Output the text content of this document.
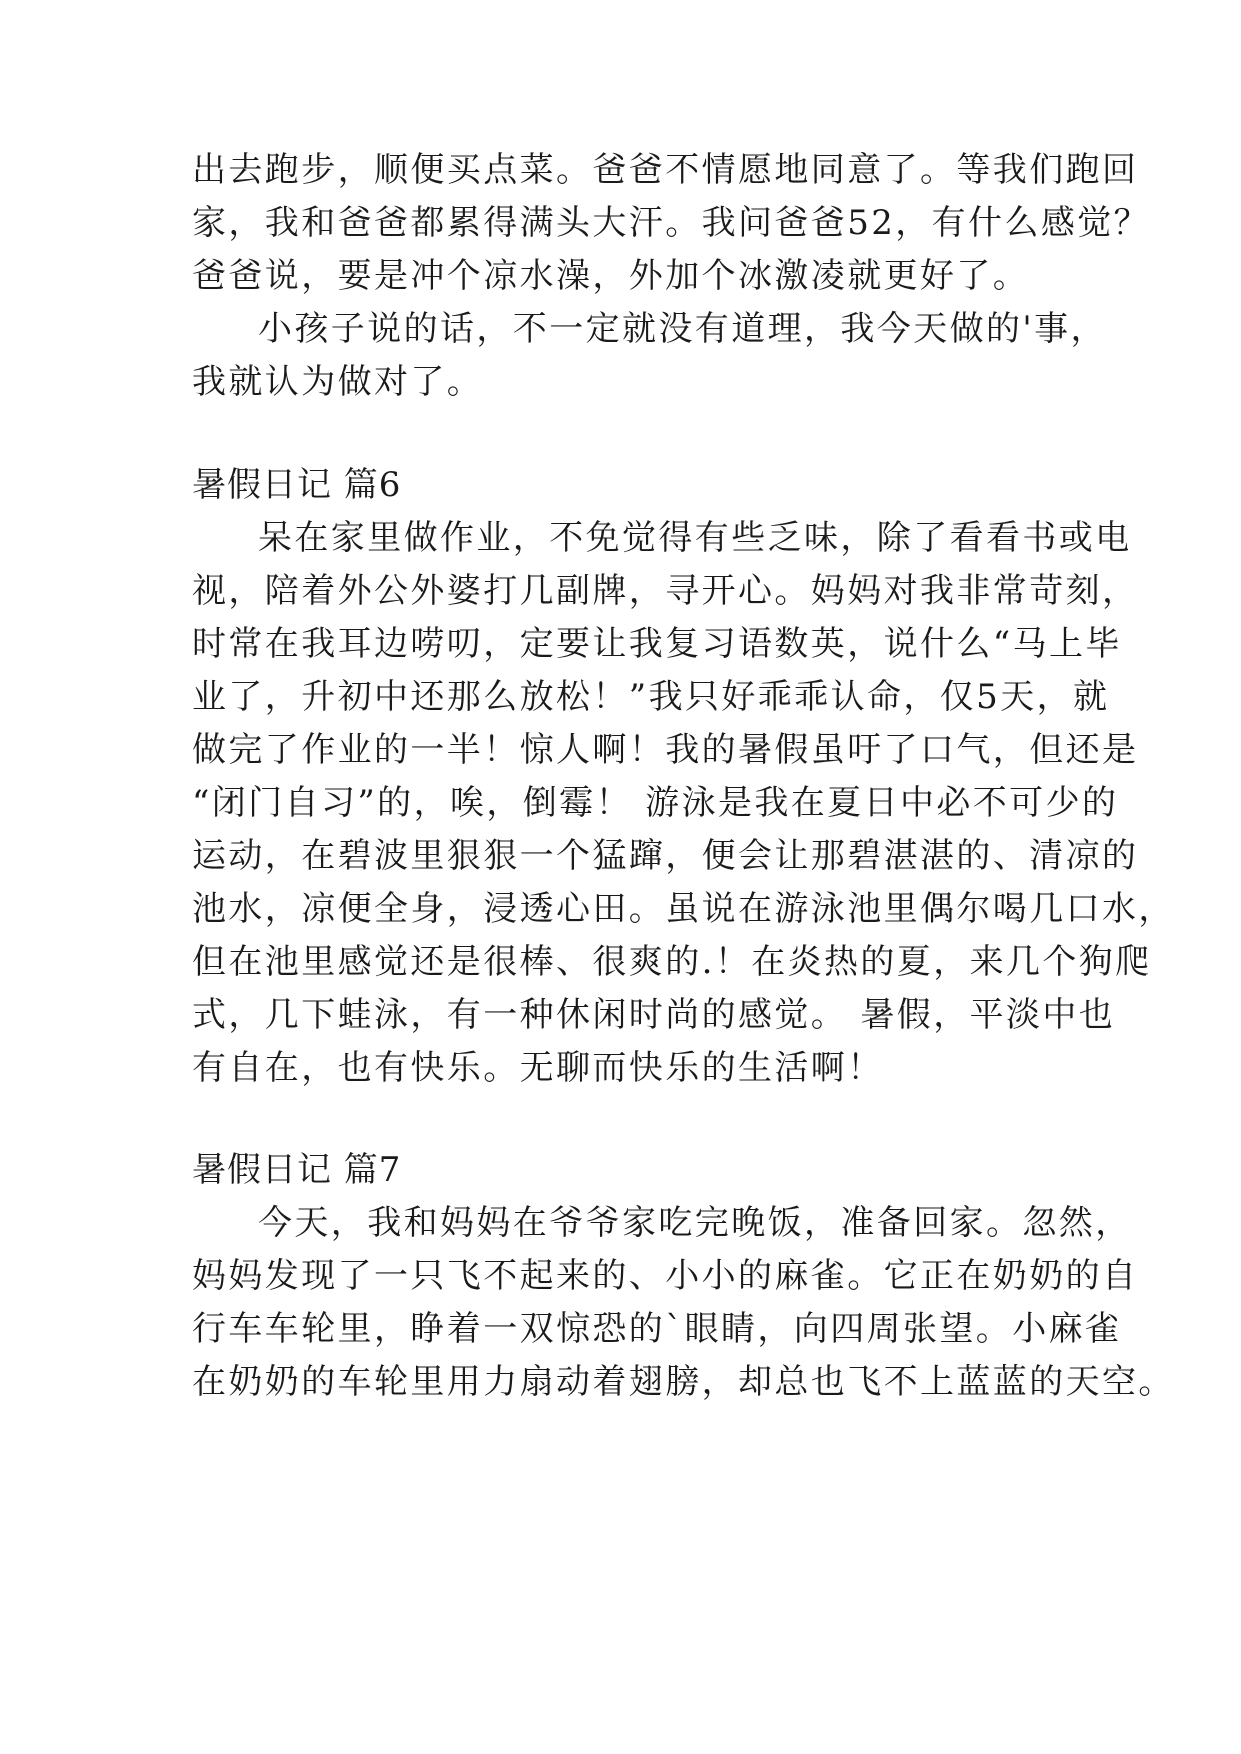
出去跑步，顺便买点菜。爸爸不情愿地同意了。等我们跑回
家，我和爸爸都累得满头大汗。我问爸爸52，有什么感觉？
爸爸说，要是冲个凉水澡，外加个冰激凌就更好了。
小孩子说的话，不一定就没有道理，我今天做的'事，
我就认为做对了。
暑假日记 篇6
呆在家里做作业，不免觉得有些乏味，除了看看书或电
视，陪着外公外婆打几副牌，寻开心。妈妈对我非常苛刻，
时常在我耳边唠叨，定要让我复习语数英，说什么“马上毕
业了，升初中还那么放松！”我只好乖乖认命，仅5天，就
做完了作业的一半！惊人啊！我的暑假虽吁了口气，但还是
“闭门自习”的，唉，倒霉！ 游泳是我在夏日中必不可少的
运动，在碧波里狠狠一个猛蹿，便会让那碧湛湛的、清凉的
池水，凉便全身，浸透心田。虽说在游泳池里偶尔喝几口水，
但在池里感觉还是很棒、很爽的.！在炎热的夏，来几个狗爬
式，几下蛙泳，有一种休闲时尚的感觉。 暑假，平淡中也
有自在，也有快乐。无聊而快乐的生活啊！
暑假日记 篇7
今天，我和妈妈在爷爷家吃完晚饭，准备回家。忽然，
妈妈发现了一只飞不起来的、小小的麻雀。它正在奶奶的自
行车车轮里，睁着一双惊恐的`眼睛，向四周张望。小麻雀
在奶奶的车轮里用力扇动着翅膀，却总也飞不上蓝蓝的天空。
